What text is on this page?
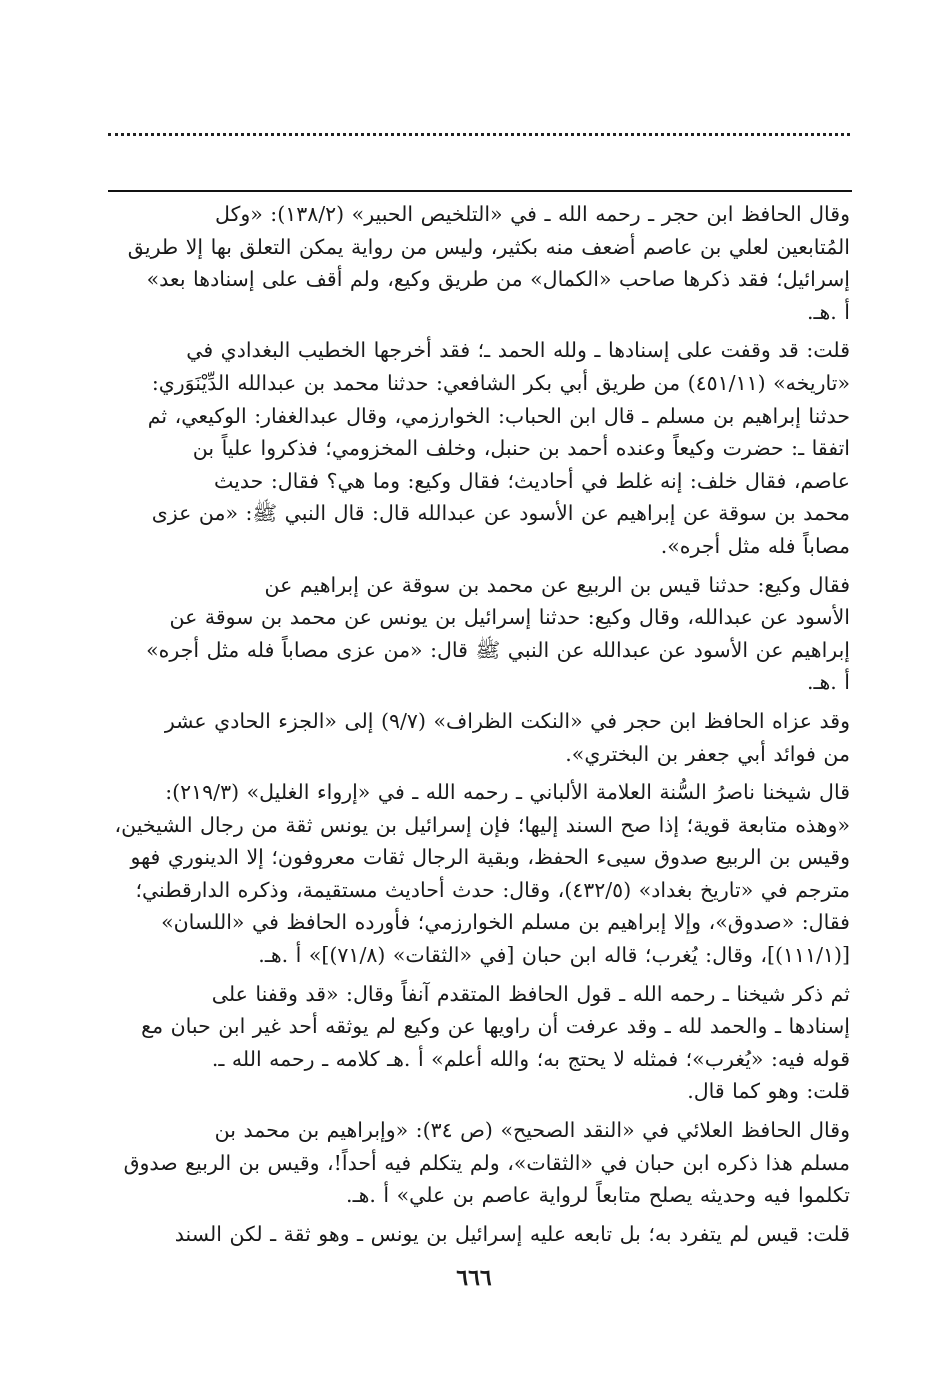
وقال الحافظ ابن حجر ـ رحمه الله ـ في «التلخيص الحبير» (١٣٨/٢): «وكل
المُتابعين لعلي بن عاصم أضعف منه بكثير، وليس من رواية يمكن التعلق بها إلا طريق
إسرائيل؛ فقد ذكرها صاحب «الكمال» من طريق وكيع، ولم أقف على إسنادها بعد»
أ .هـ.

قلت: قد وقفت على إسنادها ـ ولله الحمد ـ؛ فقد أخرجها الخطيب البغدادي في
«تاريخه» (٤٥١/١١) من طريق أبي بكر الشافعي: حدثنا محمد بن عبدالله الدِّيْنَوَري:
حدثنا إبراهيم بن مسلم ـ قال ابن الحباب: الخوارزمي، وقال عبدالغفار: الوكيعي، ثم
اتفقا ـ: حضرت وكيعاً وعنده أحمد بن حنبل، وخلف المخزومي؛ فذكروا علياً بن
عاصم، فقال خلف: إنه غلط في أحاديث؛ فقال وكيع: وما هي؟ فقال: حديث
محمد بن سوقة عن إبراهيم عن الأسود عن عبدالله قال: قال النبي ﷺ: «من عزى
مصاباً فله مثل أجره».

فقال وكيع: حدثنا قيس بن الربيع عن محمد بن سوقة عن إبراهيم عن
الأسود عن عبدالله، وقال وكيع: حدثنا إسرائيل بن يونس عن محمد بن سوقة عن
إبراهيم عن الأسود عن عبدالله عن النبي ﷺ قال: «من عزى مصاباً فله مثل أجره»
أ .هـ.

وقد عزاه الحافظ ابن حجر في «النكت الظراف» (٩/٧) إلى «الجزء الحادي عشر
من فوائد أبي جعفر بن البختري».

قال شيخنا ناصرُ السُّنة العلامة الألباني ـ رحمه الله ـ في «إرواء الغليل» (٢١٩/٣):
«وهذه متابعة قوية؛ إذا صح السند إليها؛ فإن إسرائيل بن يونس ثقة من رجال الشيخين،
وقيس بن الربيع صدوق سيىء الحفظ، وبقية الرجال ثقات معروفون؛ إلا الدينوري فهو
مترجم في «تاريخ بغداد» (٤٣٢/٥)، وقال: حدث أحاديث مستقيمة، وذكره الدارقطني؛
فقال: «صدوق»، وإلا إبراهيم بن مسلم الخوارزمي؛ فأورده الحافظ في «اللسان»
[(١١١/١)]، وقال: يُغرب؛ قاله ابن حبان [في «الثقات» (٧١/٨)]» أ .هـ.

ثم ذكر شيخنا ـ رحمه الله ـ قول الحافظ المتقدم آنفاً وقال: «قد وقفنا على
إسنادها ـ والحمد لله ـ وقد عرفت أن راويها عن وكيع لم يوثقه أحد غير ابن حبان مع
قوله فيه: «يُغرب»؛ فمثله لا يحتج به؛ والله أعلم» أ .هـ كلامه ـ رحمه الله ـ.
قلت: وهو كما قال.

وقال الحافظ العلائي في «النقد الصحيح» (ص ٣٤): «وإبراهيم بن محمد بن
مسلم هذا ذكره ابن حبان في «الثقات»، ولم يتكلم فيه أحداً!، وقيس بن الربيع صدوق
تكلموا فيه وحديثه يصلح متابعاً لرواية عاصم بن علي» أ .هـ.

قلت: قيس لم يتفرد به؛ بل تابعه عليه إسرائيل بن يونس ـ وهو ثقة ـ لكن السند

٦٦٦
